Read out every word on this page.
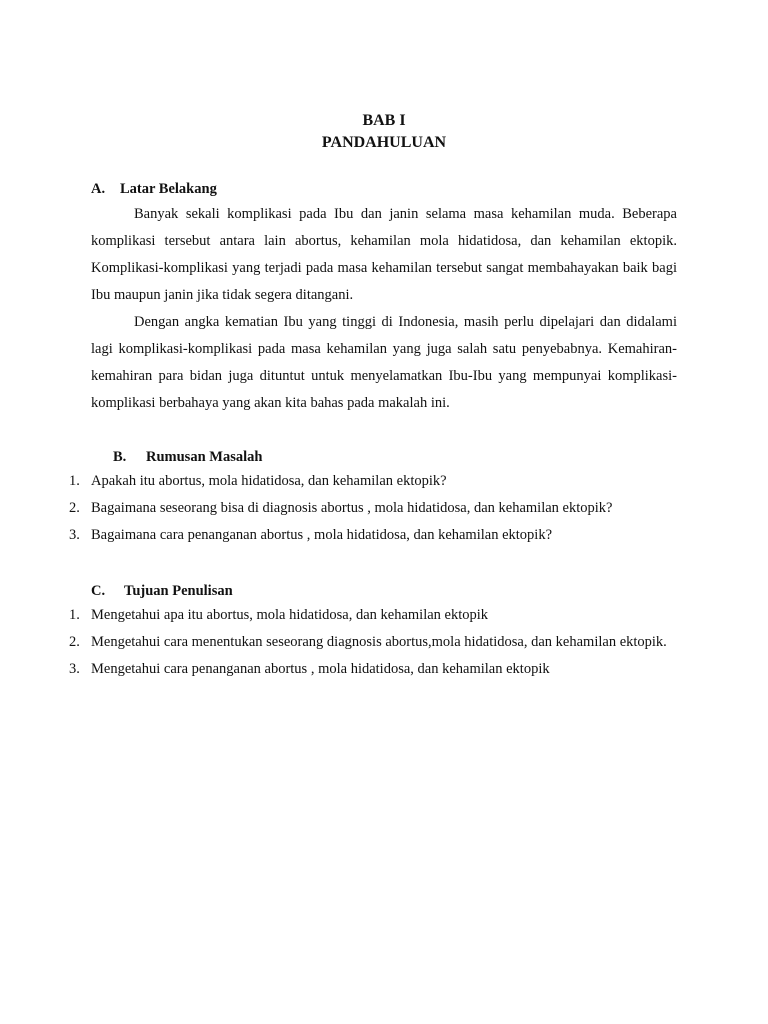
BAB I
PANDAHULUAN
A. Latar Belakang
Banyak sekali komplikasi pada Ibu dan janin selama masa kehamilan muda. Beberapa komplikasi tersebut antara lain abortus, kehamilan mola hidatidosa, dan kehamilan ektopik. Komplikasi-komplikasi yang terjadi pada masa kehamilan tersebut sangat membahayakan baik bagi Ibu maupun janin jika tidak segera ditangani.
Dengan angka kematian Ibu yang tinggi di Indonesia, masih perlu dipelajari dan didalami lagi komplikasi-komplikasi pada masa kehamilan yang juga salah satu penyebabnya. Kemahiran-kemahiran para bidan juga dituntut untuk menyelamatkan Ibu-Ibu yang mempunyai komplikasi-komplikasi berbahaya yang akan kita bahas pada makalah ini.
B. Rumusan Masalah
1. Apakah itu abortus, mola hidatidosa, dan kehamilan ektopik?
2. Bagaimana seseorang bisa di diagnosis abortus , mola hidatidosa, dan kehamilan ektopik?
3. Bagaimana cara penanganan abortus , mola hidatidosa, dan kehamilan ektopik?
C. Tujuan Penulisan
1. Mengetahui apa itu abortus, mola hidatidosa, dan kehamilan ektopik
2. Mengetahui cara menentukan seseorang diagnosis abortus,mola hidatidosa, dan kehamilan ektopik.
3. Mengetahui cara penanganan abortus , mola hidatidosa, dan kehamilan ektopik
